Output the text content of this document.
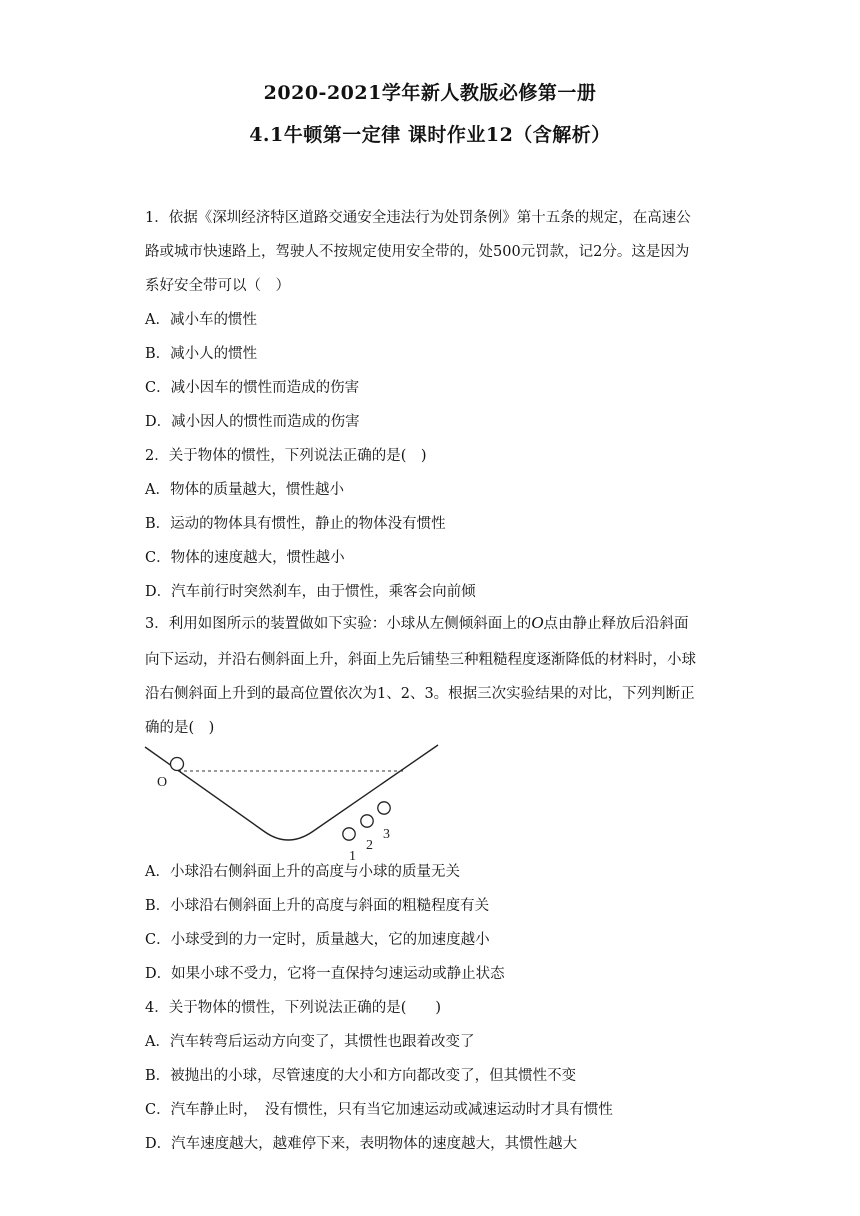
2020-2021学年新人教版必修第一册
4.1牛顿第一定律 课时作业12（含解析）
1．依据《深圳经济特区道路交通安全违法行为处罚条例》第十五条的规定，在高速公
路或城市快速路上，驾驶人不按规定使用安全带的，处500元罚款，记2分。这是因为
系好安全带可以（　）
A．减小车的惯性
B．减小人的惯性
C．减小因车的惯性而造成的伤害
D．减小因人的惯性而造成的伤害
2．关于物体的惯性，下列说法正确的是(　)
A．物体的质量越大，惯性越小
B．运动的物体具有惯性，静止的物体没有惯性
C．物体的速度越大，惯性越小
D．汽车前行时突然刹车，由于惯性，乘客会向前倾
3．利用如图所示的装置做如下实验：小球从左侧倾斜面上的O点由静止释放后沿斜面
向下运动，并沿右侧斜面上升，斜面上先后铺垫三种粗糙程度逐渐降低的材料时，小球
沿右侧斜面上升到的最高位置依次为1、2、3。根据三次实验结果的对比，下列判断正
确的是(　)
O
1
2
3
A．小球沿右侧斜面上升的高度与小球的质量无关
B．小球沿右侧斜面上升的高度与斜面的粗糙程度有关
C．小球受到的力一定时，质量越大，它的加速度越小
D．如果小球不受力，它将一直保持匀速运动或静止状态
4．关于物体的惯性，下列说法正确的是(　　)
A．汽车转弯后运动方向变了，其惯性也跟着改变了
B．被抛出的小球，尽管速度的大小和方向都改变了，但其惯性不变
C．汽车静止时，　没有惯性，只有当它加速运动或减速运动时才具有惯性
D．汽车速度越大，越难停下来，表明物体的速度越大，其惯性越大
